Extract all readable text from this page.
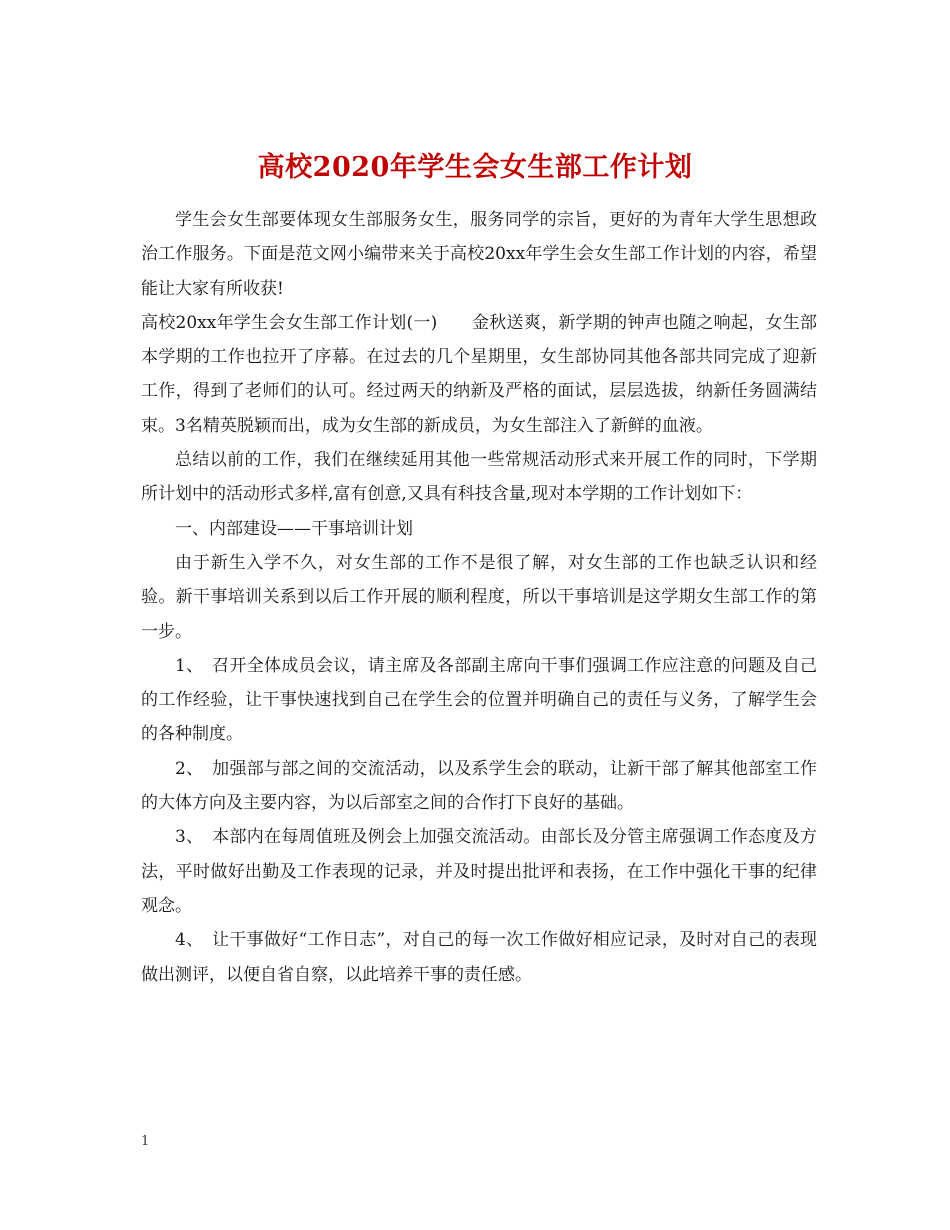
高校2020年学生会女生部工作计划

学生会女生部要体现女生部服务女生，服务同学的宗旨，更好的为青年大学生思想政治工作服务。下面是范文网小编带来关于高校20xx年学生会女生部工作计划的内容，希望能让大家有所收获!

高校20xx年学生会女生部工作计划(一)　　金秋送爽，新学期的钟声也随之响起，女生部本学期的工作也拉开了序幕。在过去的几个星期里，女生部协同其他各部共同完成了迎新工作，得到了老师们的认可。经过两天的纳新及严格的面试，层层选拔，纳新任务圆满结束。3名精英脱颖而出，成为女生部的新成员，为女生部注入了新鲜的血液。

总结以前的工作，我们在继续延用其他一些常规活动形式来开展工作的同时，下学期所计划中的活动形式多样,富有创意,又具有科技含量,现对本学期的工作计划如下：

一、内部建设——干事培训计划

由于新生入学不久，对女生部的工作不是很了解，对女生部的工作也缺乏认识和经验。新干事培训关系到以后工作开展的顺利程度，所以干事培训是这学期女生部工作的第一步。

1、　召开全体成员会议，请主席及各部副主席向干事们强调工作应注意的问题及自己的工作经验，让干事快速找到自己在学生会的位置并明确自己的责任与义务，了解学生会的各种制度。

2、　加强部与部之间的交流活动，以及系学生会的联动，让新干部了解其他部室工作的大体方向及主要内容，为以后部室之间的合作打下良好的基础。

3、　本部内在每周值班及例会上加强交流活动。由部长及分管主席强调工作态度及方法，平时做好出勤及工作表现的记录，并及时提出批评和表扬，在工作中强化干事的纪律观念。

4、　让干事做好“工作日志”，对自己的每一次工作做好相应记录，及时对自己的表现做出测评，以便自省自察，以此培养干事的责任感。

1
